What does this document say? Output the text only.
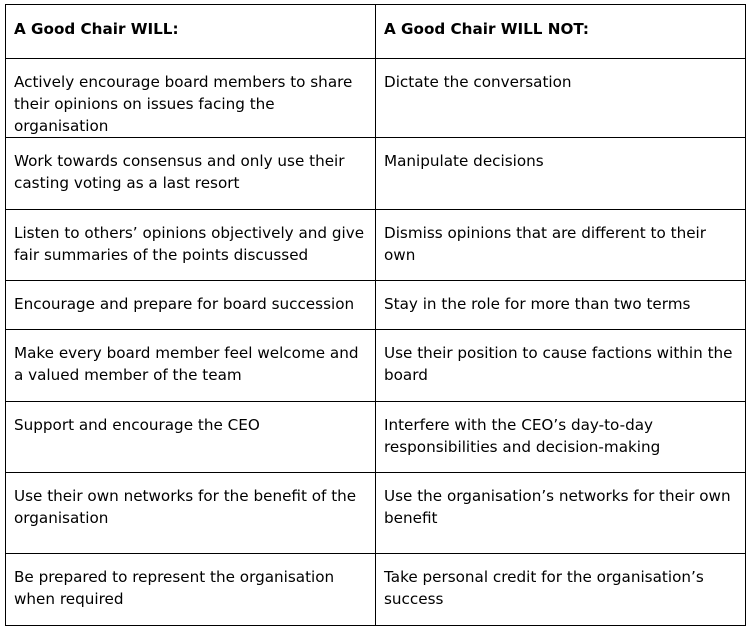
A Good Chair WILL:	A Good Chair WILL NOT:
Actively encourage board members to share their opinions on issues facing the organisation	Dictate the conversation
Work towards consensus and only use their casting voting as a last resort	Manipulate decisions
Listen to others’ opinions objectively and give fair summaries of the points discussed	Dismiss opinions that are different to their own
Encourage and prepare for board succession	Stay in the role for more than two terms
Make every board member feel welcome and a valued member of the team	Use their position to cause factions within the board
Support and encourage the CEO	Interfere with the CEO’s day-to-day responsibilities and decision-making
Use their own networks for the benefit of the organisation	Use the organisation’s networks for their own benefit
Be prepared to represent the organisation when required	Take personal credit for the organisation’s success
